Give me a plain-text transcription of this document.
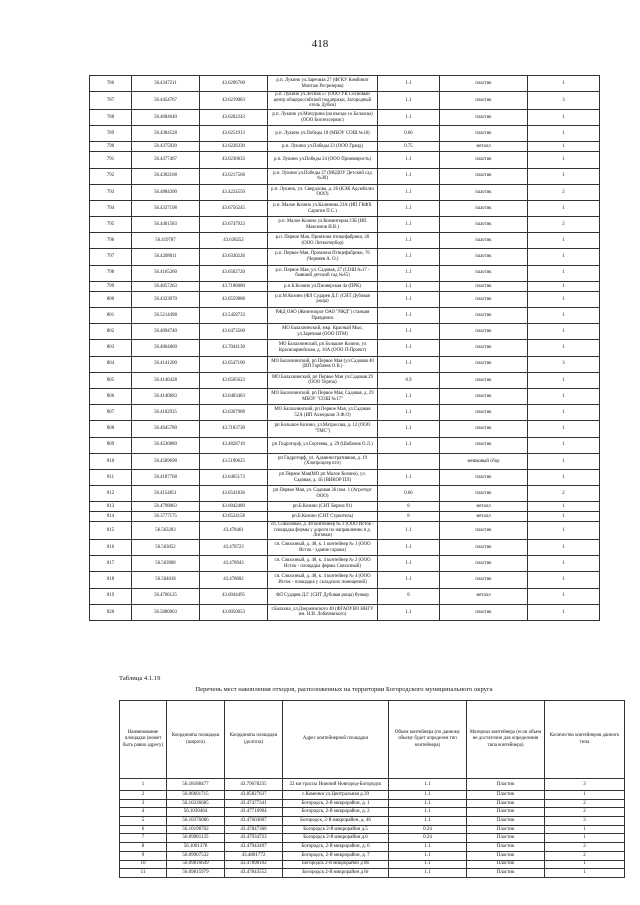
418
786	56.4347211	43.6296760	р.п. Лукино ул.Заречная 27 (ФГКУ Комбинат Монтаж Росрезерва)	1.1	пластик	1
787	56.4454767	43.6219083	р.п. Лукино ул.Лесная 57 (ООО УК Сосновый центр общероссийской поддержки, Загородный отель Дубки)	1.1	пластик	3
788	56.4684640	43.6202243	р.п. Лукино ул.Мичурина (на въезде со Балахны) (ООО Биотехсервис)	1.1	пластик	1
789	56.4384528	43.6251913	р.п. Лукино ул.Победы 18 (МБОУ СОШ №18)	0.66	пластик	1
790	56.4375920	43.6228330	р.п. Лукино ул.Победы 23 (ООО Гранд)	0.75	металл	1
791	56.4377467	43.6236833	р.п. Лукино ул.Победы 24 (ООО Проммирость)	1.1	пластик	1
792	56.4382168	43.6217568	р.п. Лукино ул.Победы 27 (МБДОУ Детский сад №38)	1.1	пластик	1
793	56.4884300	43.4224550	р.п. Лукино, ул. Свердлова, д. 26 (КЭК Адсмбллез ООО)	1.1	пластик	2
794	56.4337198	43.6756245	р.п. Малое Козино ул.Калинина 23А (ИП ГКФХ Саратин П.С.)	1.1	пластик	1
795	56.4401583	43.6747923	р.п. Малое Козино ул.Коминтерна 23Б (ИП Максимов И.В.)	1.1	пластик	2
796	56.419787	43.638252	р.п. Первое Мая, Промзона птицефабрики, 20 (ООО Литмотербор)	1.1	пластик	1
797	56.4208011	43.6330226	р.п. Первое Мая, Промзона Птицефабрики, 76 (Черняев А. О.)	1.1	пластик	1
798	56.4165260	43.6502720	р.п. Первое Мая, ул. Садовая, 27 (СОШ №17 - бывший детский сад №45)	1.1	пластик	1
799	56.4057263	43.7186080	р.п.Б.Козино ул.Пионерская 4а (ПРК)	1.1	пластик	1
800	56.4323070	43.6559888	р.п.М.Козино (ФЛ Сударев Д.Г. (СНТ Дубовая роща)	1.1	пластик	1
801	56.5214498	43.5458733	РЖД ОАО (Железнорог ОАО "РЖД") станция Правдинск	1.1	пластик	1
802	56.4094740	43.6473560	МО Балахнинский, мкр. Красный Мыс, ул.Заречная (ООО ПТМ)	1.1	пластик	1
803	56.4064860	43.7044130	МО Балахнинский, рп Большое Козино, ул Красноармейская, д. 16А (ООО П-Проект)	1.1	пластик	1
804	56.4141200	43.6547100	МО Балахнинский, рп Первое Мая (ул.Садовая 40 (ИП Горбачев О.В.)	1.1	пластик	3
805	56.4146428	43.6505623	МО Балахнинский, рп Первое Мая ул.Садовая 29 (ООО Тереза)	0.9	пластик	1
806	56.4140683	43.6483483	МО Балахнинский, рп Первое Мая, Садовая, д. 29 МБОУ "СОШ №17"	1.1	пластик	1
807	56.4182925	43.6367988	МО Балахнинский, рп Первое Мая, ул.Садовая 52А (ИП Ахмедшае Э.Ф.О)	1.1	пластик	1
808	56.4045780	43.7183730	рп Большое Козино, ул.Матросова, д. 12 (ООО "ТМС")	1.1	пластик	1
809	56.4536880	43.4828710	рп Гидроторф, ул.Сергеева, д. 29 (Шабанов О.Л.)	1.1	пластик	1
810	56.4589698	43.5190625	рп Гидроторф, ул. Административная, д. 19 (Хлопроцлер кто)		мешковый сбор	1
811	56.4187768	43.6465173	рп Первое Мая(МО рп Малое Козино), ул. Садовая, д. 1Б (ВИКОР ПЛ)	1.1	пластик	1
812	56.4154851	43.6541836	рп Первое Мая, ул. Садовая 36 пом. 1 (Агроторг ООО)	0.66	пластик	2
813	56.4798063	43.6042480	рп.Б.Козино (СНТ Береза 91)	8	металл	1
814	56.3777175	43.6524158	рп.Б.Козино (СНТ Строитель)	8	металл	1
815	56.563283	43.478461	сп. Совхозный, д. 48 контейнер № 3 (ООО Исток - площадка фермы у дороги по направлению в д. Литовки)	1.1	пластик	1
816	56.563052	43.478723	сп. Совхозный, д. 48, к. 1 контейнер № 1 (ООО Исток - здание гаража)	1.1	пластик	1
817	56.563968	43.478943	сп. Совхозный, д. 48, к. 4 контейнер № 2 (ООО Исток - площадка фермы Совхозный)	1.1	пластик	1
818	56.564018	43.478682	сп. Совхозный, д. 48, к. 4 контейнер № 4 (ООО Исток - площадка у складских помещений)	1.1	пластик	1
819	56.4706125	43.6044495	ФЛ Сударев Д.Г. (СНТ Дубовая роща) бункер	8	металл	1
820	56.5000063	43.6050053	г.Балахна, ул.Дзержинского 40 (ФГАОУВО ННГУ им. Н.И. Лобачевского)	1.1	пластик	1
Таблица 4.1.19
Перечень мест накопления отходов, расположенных на территории Богородского муниципального округа
Наименование площадки (может быть равно адресу)	Координаты площадки (широта)	Координаты площадки (долгота)	Адрес контейнерной площадки	Объем контейнера (по данному объему будет определен тип контейнера)	Материал контейнера (если объем не достаточно для определения типа контейнера)	Количество контейнеров данного типа
1	56.18188477	43.79678235	22 км трассы Нижний Новгород-Богородск	1.1	Пластик	3
2	56.06601715	43.85827637	с.Каменки ул.Центральная д.39	1.1	Пластик	1
3	56.10336685	43.47477341	Богородск, 2-й микрорайон, д. 1	1.1	Пластик	2
4	56.1030464	43.47716904	Богородск, 2-й микрорайон, д. 2	1.1	Пластик	2
5	56.10376086	43.47603607	Богородск, 2-й микрорайон, д. 46	1.1	Пластик	3
6	56.10198702	43.47847366	Богородск 2-й микрорайон д.5	0.24	Пластик	1
7	56.09981135	43.47934723	Богородск 2-й микрорайон д.6	0.24	Пластик	1
8	56.1001378	43.47943497	Богородск, 2-й микрорайон, д. 6	1.1	Пластик	2
9	56.09907532	43.4801772	Богородск, 2-й микрорайон, д. 7	1.1	Пластик	2
10	56.09816649	43.47898102	Богородск 2-й микрорайон д 8б	1.1	Пластик	1
11	56.09815979	43.47843552	Богородск 2-й микрорайон д 8г	1.1	Пластик	1
